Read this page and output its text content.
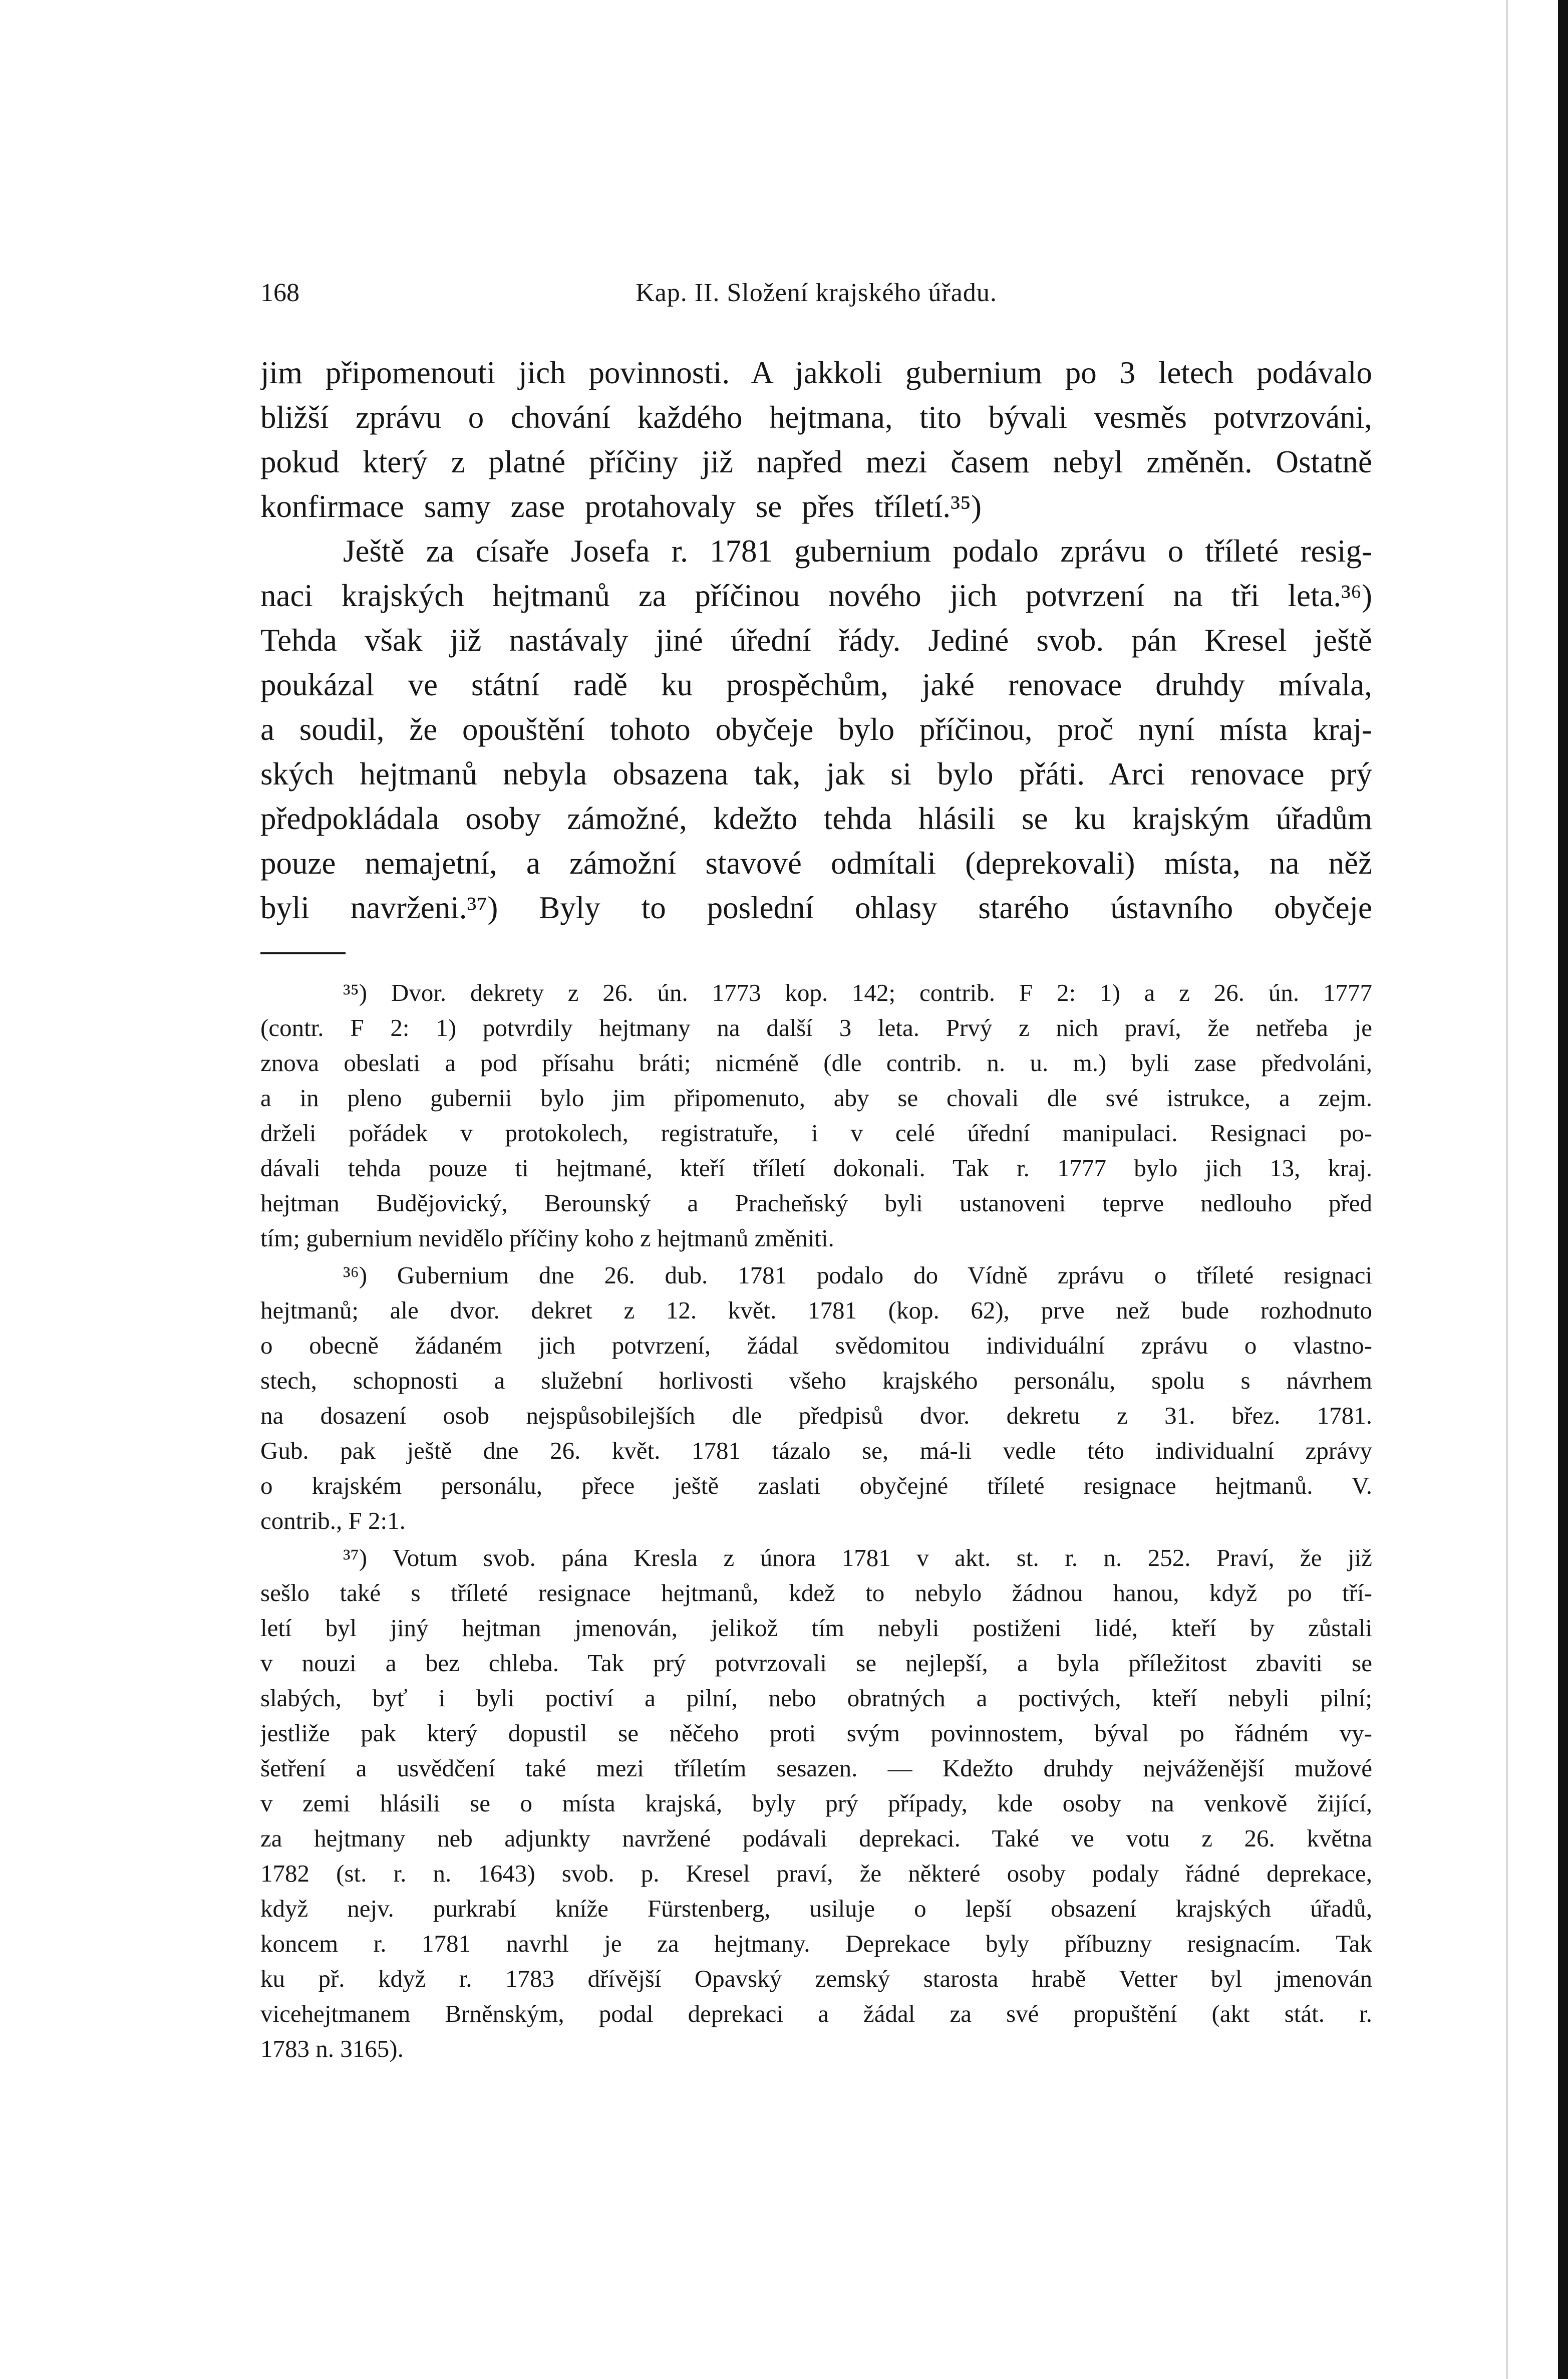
168	Kap. II. Složení krajského úřadu.
jim připomenouti jich povinnosti. A jakkoli gubernium po 3 letech podávalo
bližší zprávu o chování každého hejtmana, tito bývali vesměs potvrzováni,
pokud který z platné příčiny již napřed mezi časem nebyl změněn. Ostatně
konfirmace samy zase protahovaly se přes tříletí.³⁵)
Ještě za císaře Josefa r. 1781 gubernium podalo zprávu o tříleté resig-
naci krajských hejtmanů za příčinou nového jich potvrzení na tři leta.³⁶)
Tehda však již nastávaly jiné úřední řády. Jediné svob. pán Kresel ještě
poukázal ve státní radě ku prospěchům, jaké renovace druhdy mívala,
a soudil, že opouštění tohoto obyčeje bylo příčinou, proč nyní místa kraj-
ských hejtmanů nebyla obsazena tak, jak si bylo přáti. Arci renovace prý
předpokládala osoby zámožné, kdežto tehda hlásili se ku krajským úřadům
pouze nemajetní, a zámožní stavové odmítali (deprekovali) místa, na něž
byli navrženi.³⁷) Byly to poslední ohlasy starého ústavního obyčeje
³⁵) Dvor. dekrety z 26. ún. 1773 kop. 142; contrib. F 2: 1) a z 26. ún. 1777
(contr. F 2: 1) potvrdily hejtmany na další 3 leta. Prvý z nich praví, že netřeba je
znova obeslati a pod přísahu bráti; nicméně (dle contrib. n. u. m.) byli zase předvoláni,
a in pleno gubernii bylo jim připomenuto, aby se chovali dle své istrukce, a zejm.
drželi pořádek v protokolech, registratuře, i v celé úřední manipulaci. Resignaci po-
dávali tehda pouze ti hejtmané, kteří tříletí dokonali. Tak r. 1777 bylo jich 13, kraj.
hejtman Budějovický, Berounský a Pracheňský byli ustanoveni teprve nedlouho před
tím; gubernium nevidělo příčiny koho z hejtmanů změniti.
³⁶) Gubernium dne 26. dub. 1781 podalo do Vídně zprávu o tříleté resignaci
hejtmanů; ale dvor. dekret z 12. květ. 1781 (kop. 62), prve než bude rozhodnuto
o obecně žádaném jich potvrzení, žádal svědomitou individuální zprávu o vlastno-
stech, schopnosti a služební horlivosti všeho krajského personálu, spolu s návrhem
na dosazení osob nejspůsobilejších dle předpisů dvor. dekretu z 31. břez. 1781.
Gub. pak ještě dne 26. květ. 1781 tázalo se, má-li vedle této individualní zprávy
o krajském personálu, přece ještě zaslati obyčejné tříleté resignace hejtmanů. V.
contrib., F 2:1.
³⁷) Votum svob. pána Kresla z února 1781 v akt. st. r. n. 252. Praví, že již
sešlo také s tříleté resignace hejtmanů, kdež to nebylo žádnou hanou, když po tří-
letí byl jiný hejtman jmenován, jelikož tím nebyli postiženi lidé, kteří by zůstali
v nouzi a bez chleba. Tak prý potvrzovali se nejlepší, a byla příležitost zbaviti se
slabých, byť i byli poctiví a pilní, nebo obratných a poctivých, kteří nebyli pilní;
jestliže pak který dopustil se něčeho proti svým povinnostem, býval po řádném vy-
šetření a usvědčení také mezi tříletím sesazen. — Kdežto druhdy nejváženější mužové
v zemi hlásili se o místa krajská, byly prý případy, kde osoby na venkově žijící,
za hejtmany neb adjunkty navržené podávali deprekaci. Také ve votu z 26. května
1782 (st. r. n. 1643) svob. p. Kresel praví, že některé osoby podaly řádné deprekace,
když nejv. purkrabí kníže Fürstenberg, usiluje o lepší obsazení krajských úřadů,
koncem r. 1781 navrhl je za hejtmany. Deprekace byly příbuzny resignacím. Tak
ku př. když r. 1783 dřívější Opavský zemský starosta hrabě Vetter byl jmenován
vicehejtmanem Brněnským, podal deprekaci a žádal za své propuštění (akt stát. r.
1783 n. 3165).
